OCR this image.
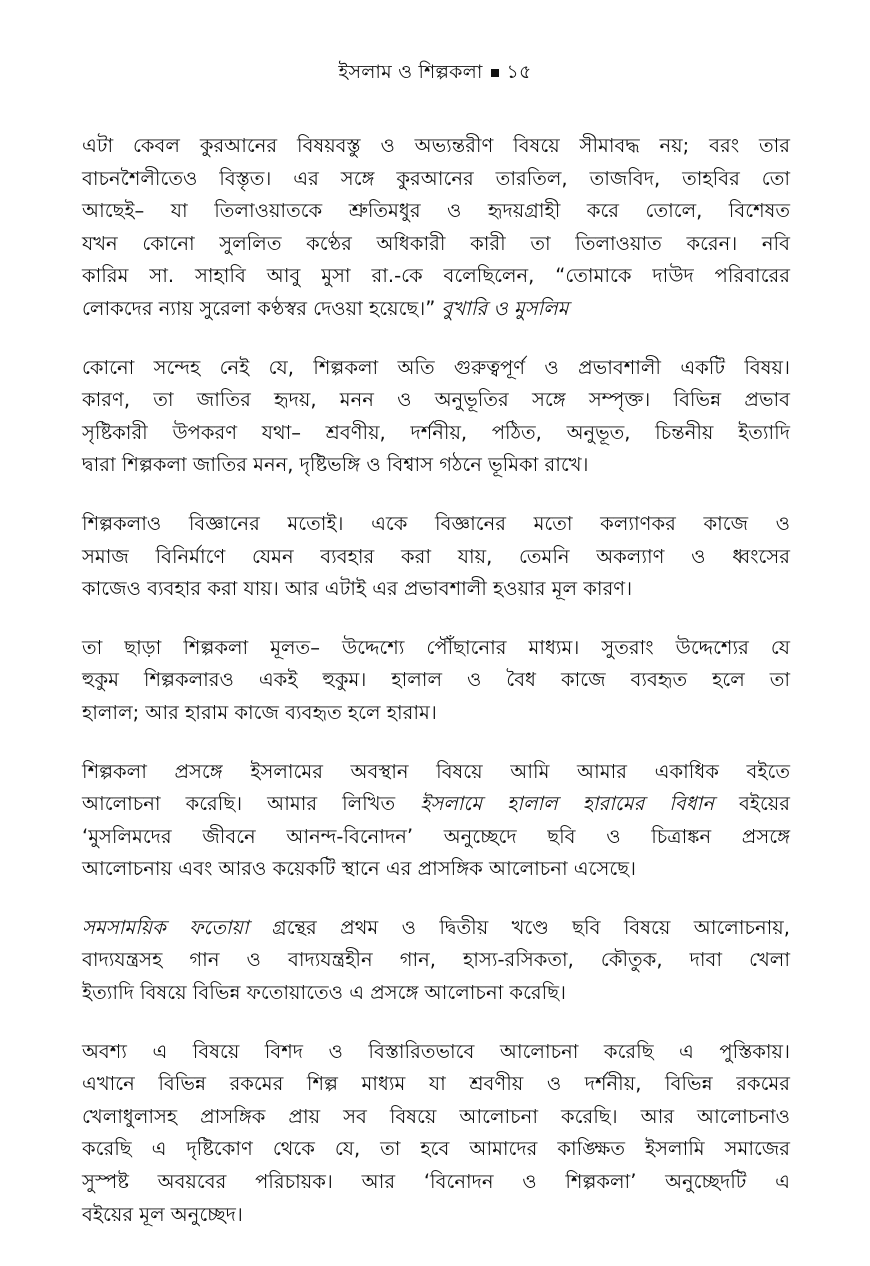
ইসলাম ও শিল্পকলা ১৫
এটা কেবল কুরআনের বিষয়বস্তু ও অভ্যন্তরীণ বিষয়ে সীমাবদ্ধ নয়; বরং তার
বাচনশৈলীতেও বিস্তৃত। এর সঙ্গে কুরআনের তারতিল, তাজবিদ, তাহবির তো
আছেই– যা তিলাওয়াতকে শ্রুতিমধুর ও হৃদয়গ্রাহী করে তোলে, বিশেষত
যখন কোনো সুললিত কণ্ঠের অধিকারী কারী তা তিলাওয়াত করেন। নবি
কারিম সা. সাহাবি আবু মুসা রা.-কে বলেছিলেন, “তোমাকে দাউদ পরিবারের
লোকদের ন্যায় সুরেলা কণ্ঠস্বর দেওয়া হয়েছে।” বুখারি ও মুসলিম
কোনো সন্দেহ নেই যে, শিল্পকলা অতি গুরুত্বপূর্ণ ও প্রভাবশালী একটি বিষয়।
কারণ, তা জাতির হৃদয়, মনন ও অনুভূতির সঙ্গে সম্পৃক্ত। বিভিন্ন প্রভাব
সৃষ্টিকারী উপকরণ যথা– শ্রবণীয়, দর্শনীয়, পঠিত, অনুভূত, চিন্তনীয় ইত্যাদি
দ্বারা শিল্পকলা জাতির মনন, দৃষ্টিভঙ্গি ও বিশ্বাস গঠনে ভূমিকা রাখে।
শিল্পকলাও বিজ্ঞানের মতোই। একে বিজ্ঞানের মতো কল্যাণকর কাজে ও
সমাজ বিনির্মাণে যেমন ব্যবহার করা যায়, তেমনি অকল্যাণ ও ধ্বংসের
কাজেও ব্যবহার করা যায়। আর এটাই এর প্রভাবশালী হওয়ার মূল কারণ।
তা ছাড়া শিল্পকলা মূলত– উদ্দেশ্যে পৌঁছানোর মাধ্যম। সুতরাং উদ্দেশ্যের যে
হুকুম শিল্পকলারও একই হুকুম। হালাল ও বৈধ কাজে ব্যবহৃত হলে তা
হালাল; আর হারাম কাজে ব্যবহৃত হলে হারাম।
শিল্পকলা প্রসঙ্গে ইসলামের অবস্থান বিষয়ে আমি আমার একাধিক বইতে
আলোচনা করেছি। আমার লিখিত ইসলামে হালাল হারামের বিধান বইয়ের
‘মুসলিমদের জীবনে আনন্দ-বিনোদন’ অনুচ্ছেদে ছবি ও চিত্রাঙ্কন প্রসঙ্গে
আলোচনায় এবং আরও কয়েকটি স্থানে এর প্রাসঙ্গিক আলোচনা এসেছে।
সমসাময়িক ফতোয়া গ্রন্থের প্রথম ও দ্বিতীয় খণ্ডে ছবি বিষয়ে আলোচনায়,
বাদ্যযন্ত্রসহ গান ও বাদ্যযন্ত্রহীন গান, হাস্য-রসিকতা, কৌতুক, দাবা খেলা
ইত্যাদি বিষয়ে বিভিন্ন ফতোয়াতেও এ প্রসঙ্গে আলোচনা করেছি।
অবশ্য এ বিষয়ে বিশদ ও বিস্তারিতভাবে আলোচনা করেছি এ পুস্তিকায়।
এখানে বিভিন্ন রকমের শিল্প মাধ্যম যা শ্রবণীয় ও দর্শনীয়, বিভিন্ন রকমের
খেলাধুলাসহ প্রাসঙ্গিক প্রায় সব বিষয়ে আলোচনা করেছি। আর আলোচনাও
করেছি এ দৃষ্টিকোণ থেকে যে, তা হবে আমাদের কাঙ্ক্ষিত ইসলামি সমাজের
সুস্পষ্ট অবয়বের পরিচায়ক। আর ‘বিনোদন ও শিল্পকলা’ অনুচ্ছেদটি এ
বইয়ের মূল অনুচ্ছেদ।
